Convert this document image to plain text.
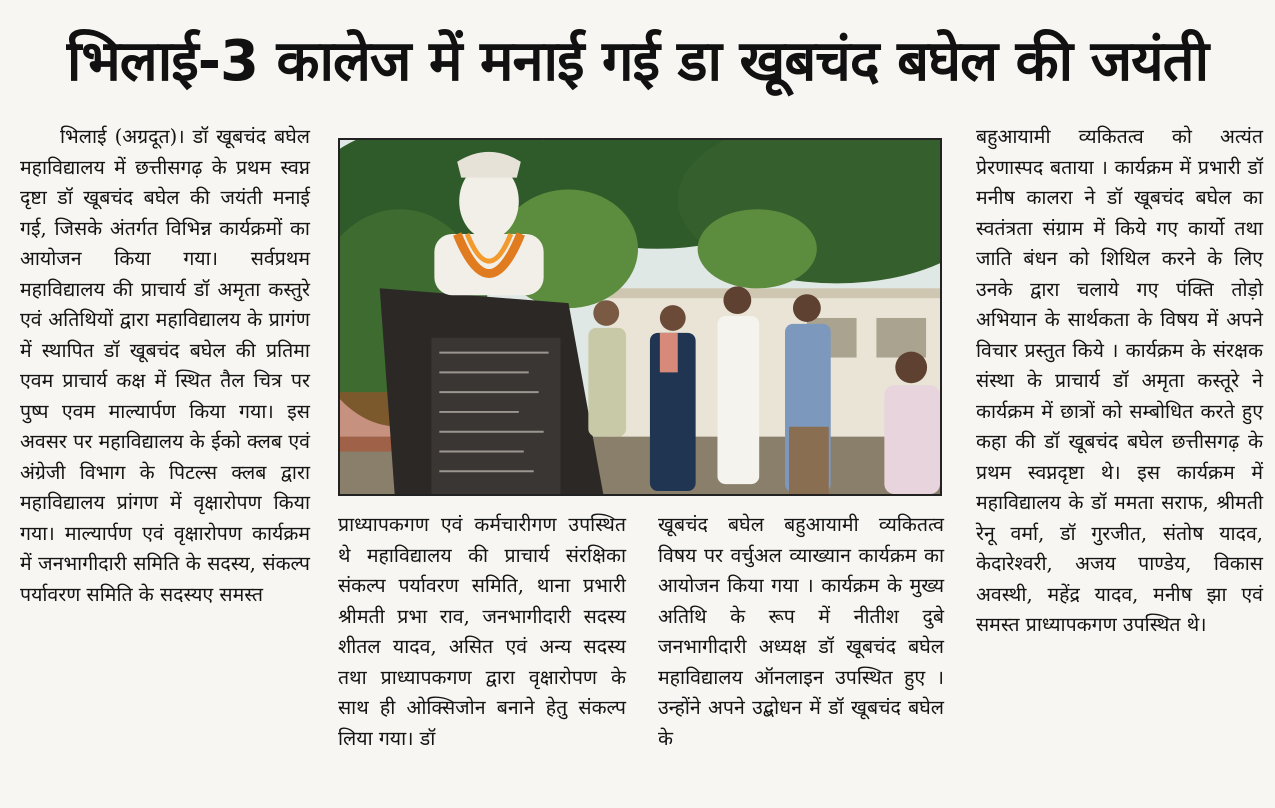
भिलाई-3 कालेज में मनाई गई डा खूबचंद बघेल की जयंती

भिलाई (अग्रदूत)। डॉ खूबचंद बघेल महाविद्यालय में छत्तीसगढ़ के प्रथम स्वप्न दृष्टा डॉ खूबचंद बघेल की जयंती मनाई गई, जिसके अंतर्गत विभिन्न कार्यक्रमों का आयोजन किया गया। सर्वप्रथम महाविद्यालय की प्राचार्य डॉ अमृता कस्तुरे एवं अतिथियों द्वारा महाविद्यालय के प्रागंण में स्थापित डॉ खूबचंद बघेल की प्रतिमा एवम प्राचार्य कक्ष में स्थित तैल चित्र पर पुष्प एवम माल्यार्पण किया गया। इस अवसर पर महाविद्यालय के ईको क्लब एवं अंग्रेजी विभाग के पिटल्स क्लब द्वारा महाविद्यालय प्रांगण में वृक्षारोपण किया गया। माल्यार्पण एवं वृक्षारोपण कार्यक्रम में जनभागीदारी समिति के सदस्य, संकल्प पर्यावरण समिति के सदस्यए समस्त

प्राध्यापकगण एवं कर्मचारीगण उपस्थित थे महाविद्यालय की प्राचार्य संरक्षिका संकल्प पर्यावरण समिति, थाना प्रभारी श्रीमती प्रभा राव, जनभागीदारी सदस्य शीतल यादव, असित एवं अन्य सदस्य तथा प्राध्यापकगण द्वारा वृक्षारोपण के साथ ही ओक्सिजोन बनाने हेतु संकल्प लिया गया। डॉ

खूबचंद बघेल बहुआयामी व्यकितत्व विषय पर वर्चुअल व्याख्यान कार्यक्रम का आयोजन किया गया । कार्यक्रम के मुख्य अतिथि के रूप में नीतीश दुबे जनभागीदारी अध्यक्ष डॉ खूबचंद बघेल महाविद्यालय ऑनलाइन उपस्थित हुए । उन्होंने अपने उद्बोधन में डॉ खूबचंद बघेल के

बहुआयामी व्यकितत्व को अत्यंत प्रेरणास्पद बताया । कार्यक्रम में प्रभारी डॉ मनीष कालरा ने डॉ खूबचंद बघेल का स्वतंत्रता संग्राम में किये गए कार्यो तथा जाति बंधन को शिथिल करने के लिए उनके द्वारा चलाये गए पंक्ति तोड़ो अभियान के सार्थकता के विषय में अपने विचार प्रस्तुत किये । कार्यक्रम के संरक्षक संस्था के प्राचार्य डॉ अमृता कस्तूरे ने कार्यक्रम में छात्रों को सम्बोधित करते हुए कहा की डॉ खूबचंद बघेल छत्तीसगढ़ के प्रथम स्वप्नदृष्टा थे। इस कार्यक्रम में महाविद्यालय के डॉ ममता सराफ, श्रीमती रेनू वर्मा, डॉ गुरजीत, संतोष यादव, केदारेश्वरी, अजय पाण्डेय, विकास अवस्थी, महेंद्र यादव, मनीष झा एवं समस्त प्राध्यापकगण उपस्थित थे।
